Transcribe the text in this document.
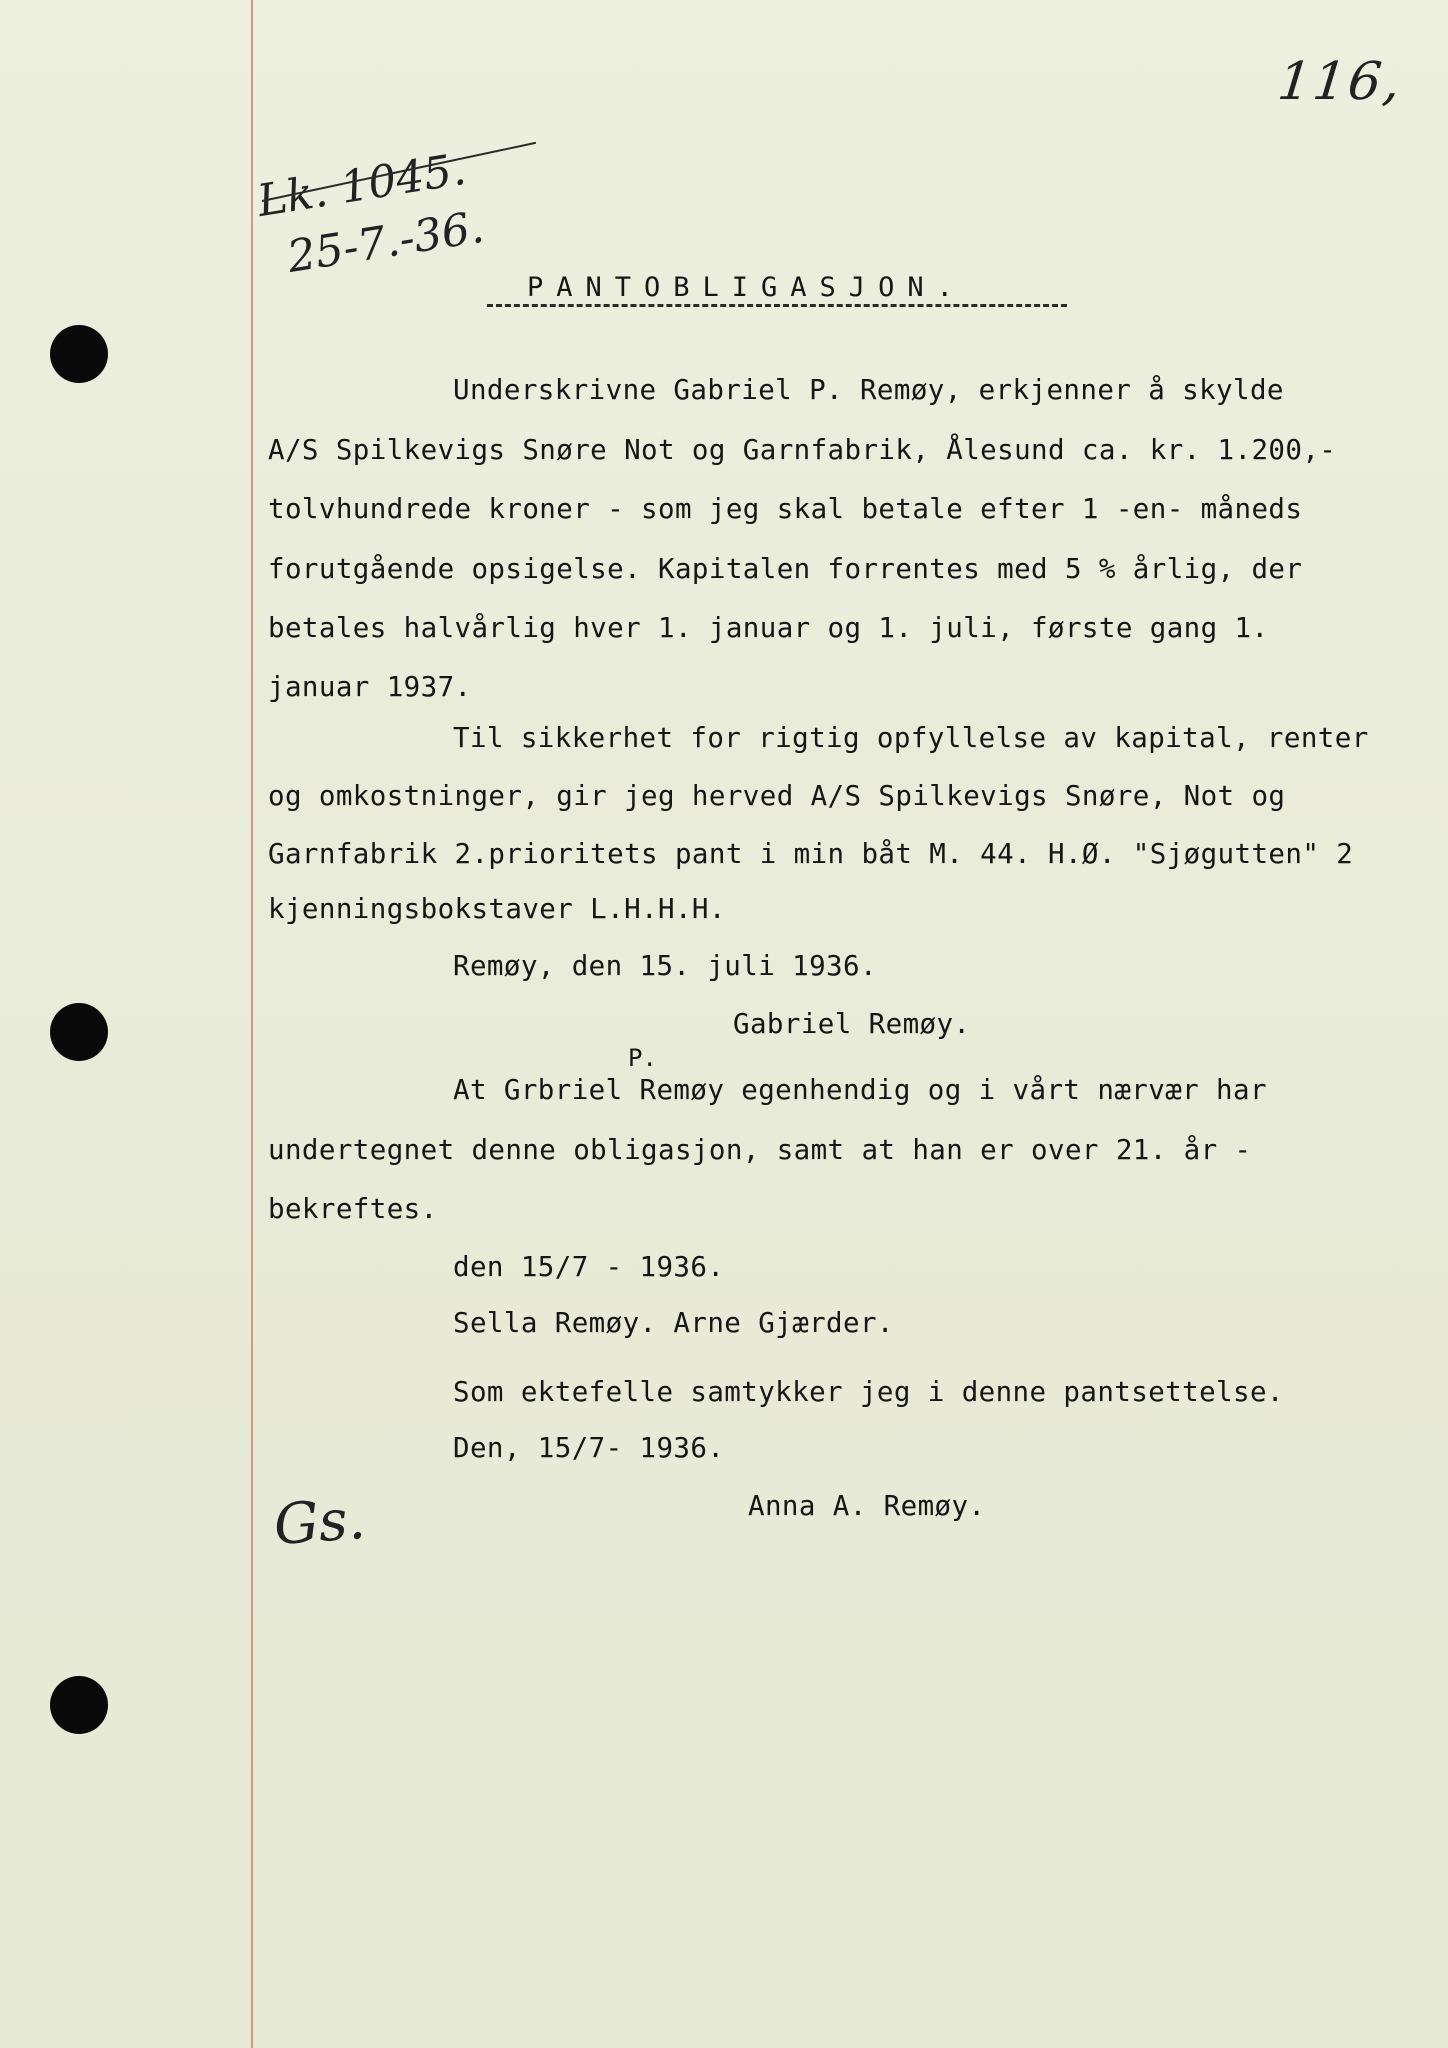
116,
Lk. 1045.
25-7.-36.
PANTOBLIGASJON.
Underskrivne Gabriel P. Remøy, erkjenner å skylde
A/S Spilkevigs Snøre Not og Garnfabrik, Ålesund ca. kr. 1.200,-
tolvhundrede kroner - som jeg skal betale efter 1 -en- måneds
forutgående opsigelse. Kapitalen forrentes med 5 % årlig, der
betales halvårlig hver 1. januar og 1. juli, første gang 1.
januar 1937.
Til sikkerhet for rigtig opfyllelse av kapital, renter
og omkostninger, gir jeg herved A/S Spilkevigs Snøre, Not og
Garnfabrik 2.prioritets pant i min båt M. 44. H.Ø. "Sjøgutten" 2
kjenningsbokstaver L.H.H.H.
Remøy, den 15. juli 1936.
Gabriel Remøy.
P.
At Grbriel Remøy egenhendig og i vårt nærvær har
undertegnet denne obligasjon, samt at han er over 21. år -
bekreftes.
den 15/7 - 1936.
Sella Remøy. Arne Gjærder.
Som ektefelle samtykker jeg i denne pantsettelse.
Den, 15/7- 1936.
Anna A. Remøy.
Gs.
